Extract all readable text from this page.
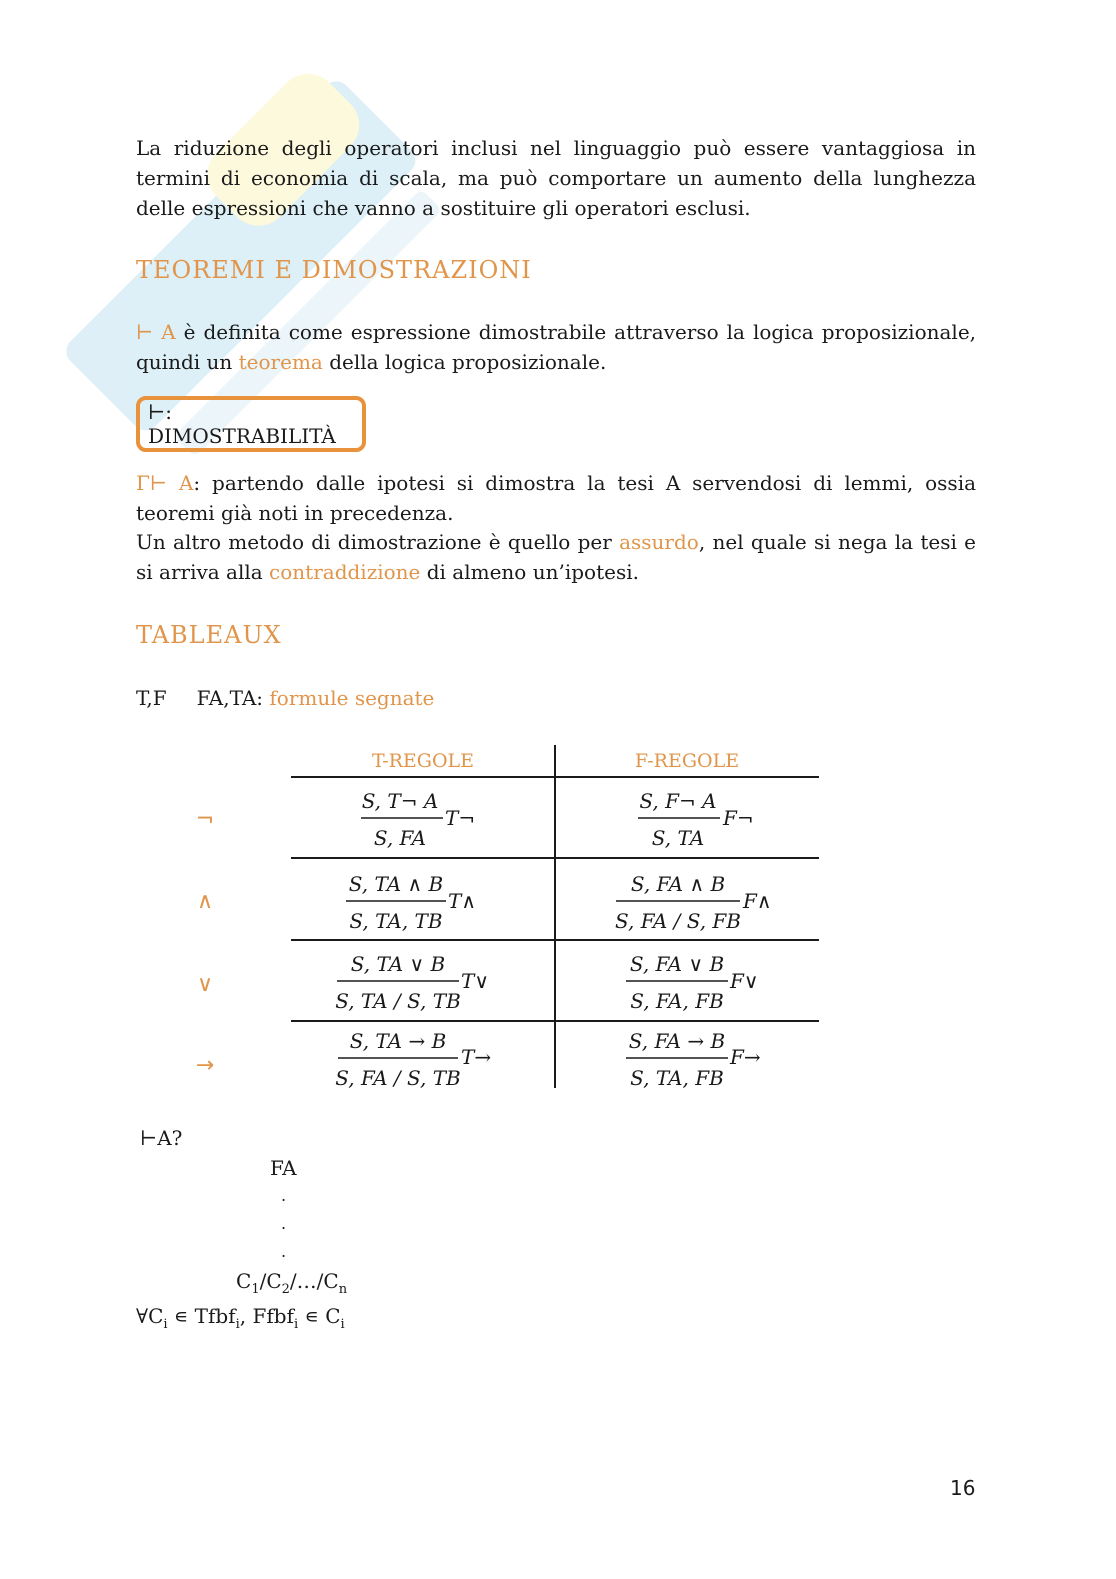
La riduzione degli operatori inclusi nel linguaggio può essere vantaggiosa in termini di economia di scala, ma può comportare un aumento della lunghezza delle espressioni che vanno a sostituire gli operatori esclusi.

TEOREMI E DIMOSTRAZIONI

⊢ A è definita come espressione dimostrabile attraverso la logica proposizionale, quindi un teorema della logica proposizionale.

⊢: DIMOSTRABILITÀ

Γ⊢ A: partendo dalle ipotesi si dimostra la tesi A servendosi di lemmi, ossia teoremi già noti in precedenza.

Un altro metodo di dimostrazione è quello per assurdo, nel quale si nega la tesi e si arriva alla contraddizione di almeno un’ipotesi.

TABLEAUX

T,F FA,TA: formule segnate

T-REGOLE	F-REGOLE
¬
S, T¬ A
S, FA
T¬
S, F¬ A
S, TA
F¬
∧
S, TA ∧ B
S, TA, TB
T∧
S, FA ∧ B
S, FA / S, FB
F∧
∨
S, TA ∨ B
S, TA / S, TB
T∨
S, FA ∨ B
S, FA, FB
F∨
→
S, TA → B
S, FA / S, TB
T→
S, FA → B
S, TA, FB
F→

⊢A?

FA

.

.

.

$C_1/C_2/\dots/C_n$

$\forall C_i$ ∊ Tfbf$_i$, Ffbf$_i$ ∊ $C_i$

16
